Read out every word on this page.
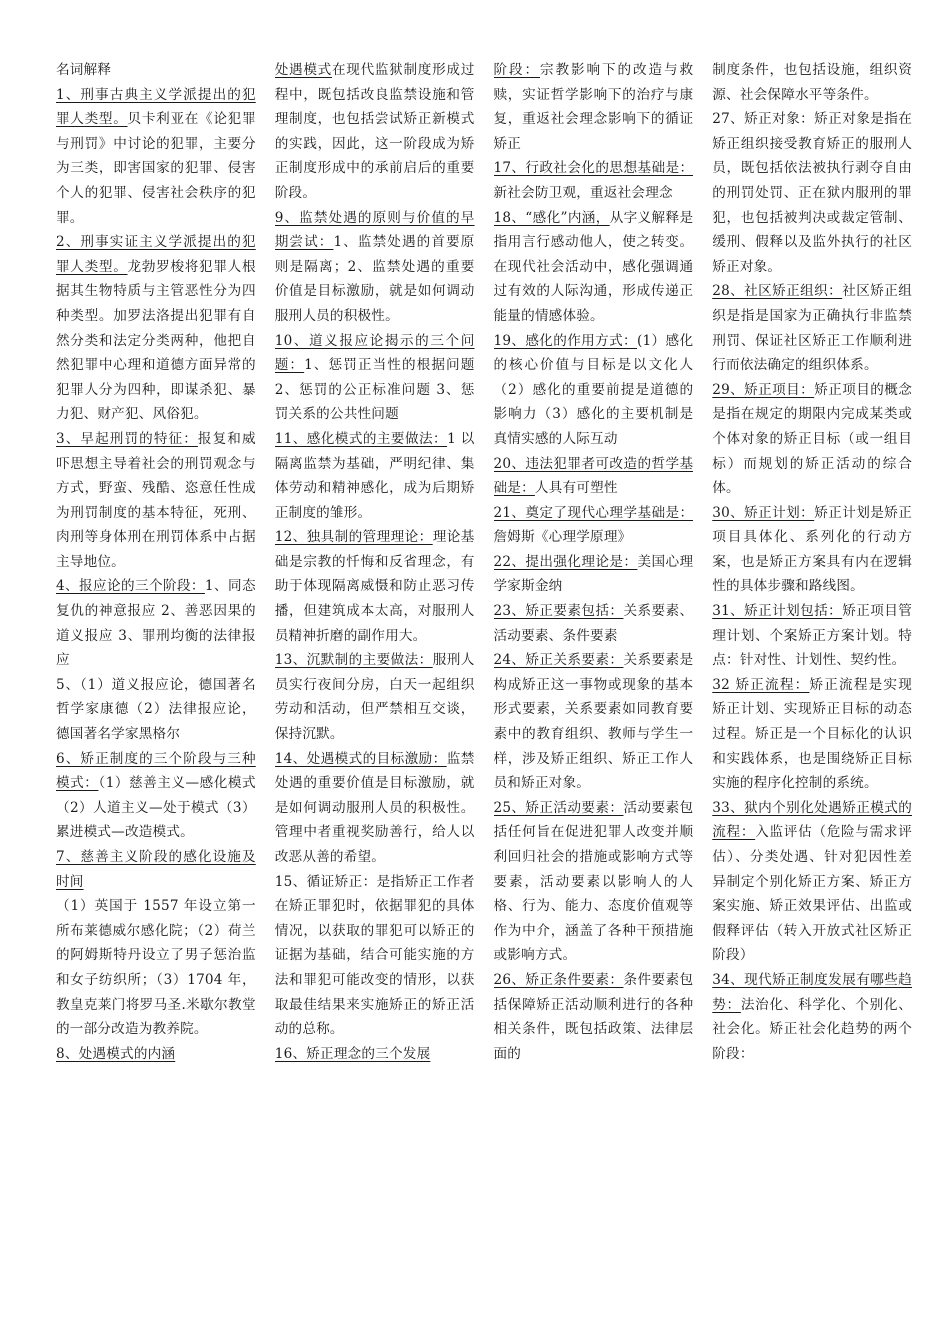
名词解释

1、刑事古典主义学派提出的犯罪人类型。贝卡利亚在《论犯罪与刑罚》中讨论的犯罪，主要分为三类，即害国家的犯罪、侵害个人的犯罪、侵害社会秩序的犯罪。

2、刑事实证主义学派提出的犯罪人类型。龙勃罗梭将犯罪人根据其生物特质与主管恶性分为四种类型。加罗法洛提出犯罪有自然分类和法定分类两种，他把自然犯罪中心理和道德方面异常的犯罪人分为四种，即谋杀犯、暴力犯、财产犯、风俗犯。

3、早起刑罚的特征：报复和威吓思想主导着社会的刑罚观念与方式，野蛮、残酷、恣意任性成为刑罚制度的基本特征，死刑、肉刑等身体刑在刑罚体系中占据主导地位。

4、报应论的三个阶段：1、同态复仇的神意报应 2、善恶因果的道义报应 3、罪刑均衡的法律报应

5、（1）道义报应论，德国著名哲学家康德（2）法律报应论，德国著名学家黑格尔

6、矫正制度的三个阶段与三种模式：（1）慈善主义—感化模式（2）人道主义—处于模式（3）累进模式—改造模式。

7、慈善主义阶段的感化设施及时间

（1）英国于 1557 年设立第一所布莱德威尔感化院；（2）荷兰的阿姆斯特丹设立了男子惩治监和女子纺织所；（3）1704 年，教皇克莱门将罗马圣.米歇尔教堂的一部分改造为教养院。

8、处遇模式的内涵

处遇模式在现代监狱制度形成过程中，既包括改良监禁设施和管理制度，也包括尝试矫正新模式的实践，因此，这一阶段成为矫正制度形成中的承前启后的重要阶段。

9、监禁处遇的原则与价值的早期尝试：1、监禁处遇的首要原则是隔离；2、监禁处遇的重要价值是目标激励，就是如何调动服刑人员的积极性。

10、道义报应论揭示的三个问题：1、惩罚正当性的根据问题 2、惩罚的公正标准问题 3、惩罚关系的公共性问题

11、感化模式的主要做法：1 以隔离监禁为基础，严明纪律、集体劳动和精神感化，成为后期矫正制度的雏形。

12、独具制的管理理论：理论基础是宗教的忏悔和反省理念，有助于体现隔离威慑和防止恶习传播，但建筑成本太高，对服刑人员精神折磨的副作用大。

13、沉默制的主要做法：服刑人员实行夜间分房，白天一起组织劳动和活动，但严禁相互交谈，保持沉默。

14、处遇模式的目标激励：监禁处遇的重要价值是目标激励，就是如何调动服刑人员的积极性。管理中者重视奖励善行，给人以改恶从善的希望。

15、循证矫正：是指矫正工作者在矫正罪犯时，依据罪犯的具体情况，以获取的罪犯可以矫正的证据为基础，结合可能实施的方法和罪犯可能改变的情形，以获取最佳结果来实施矫正的矫正活动的总称。

16、矫正理念的三个发展

阶段：宗教影响下的改造与救赎，实证哲学影响下的治疗与康复，重返社会理念影响下的循证矫正

17、行政社会化的思想基础是：新社会防卫观，重返社会理念

18、“感化”内涵，从字义解释是指用言行感动他人，使之转变。在现代社会活动中，感化强调通过有效的人际沟通，形成传递正能量的情感体验。

19、感化的作用方式：(1）感化的核心价值与目标是以文化人（2）感化的重要前提是道德的影响力（3）感化的主要机制是真情实感的人际互动

20、违法犯罪者可改造的哲学基础是：人具有可塑性

21、奠定了现代心理学基础是：詹姆斯《心理学原理》

22、提出强化理论是：美国心理学家斯金纳

23、矫正要素包括：关系要素、活动要素、条件要素

24、矫正关系要素：关系要素是构成矫正这一事物或现象的基本形式要素，关系要素如同教育要素中的教育组织、教师与学生一样，涉及矫正组织、矫正工作人员和矫正对象。

25、矫正活动要素：活动要素包括任何旨在促进犯罪人改变并顺利回归社会的措施或影响方式等要素，活动要素以影响人的人格、行为、能力、态度价值观等作为中介，涵盖了各种干预措施或影响方式。

26、矫正条件要素：条件要素包括保障矫正活动顺利进行的各种相关条件，既包括政策、法律层面的

制度条件，也包括设施，组织资源、社会保障水平等条件。

27、矫正对象：矫正对象是指在矫正组织接受教育矫正的服刑人员，既包括依法被执行剥夺自由的刑罚处罚、正在狱内服刑的罪犯，也包括被判决或裁定管制、缓刑、假释以及监外执行的社区矫正对象。

28、社区矫正组织：社区矫正组织是指是国家为正确执行非监禁刑罚、保证社区矫正工作顺利进行而依法确定的组织体系。

29、矫正项目：矫正项目的概念是指在规定的期限内完成某类或个体对象的矫正目标（或一组目标）而规划的矫正活动的综合体。

30、矫正计划：矫正计划是矫正项目具体化、系列化的行动方案，也是矫正方案具有内在逻辑性的具体步骤和路线图。

31、矫正计划包括：矫正项目管理计划、个案矫正方案计划。特点：针对性、计划性、契约性。

32 矫正流程：矫正流程是实现矫正计划、实现矫正目标的动态过程。矫正是一个目标化的认识和实践体系，也是围绕矫正目标实施的程序化控制的系统。

33、狱内个别化处遇矫正模式的流程：入监评估（危险与需求评估）、分类处遇、针对犯因性差异制定个别化矫正方案、矫正方案实施、矫正效果评估、出监或假释评估（转入开放式社区矫正阶段）

34、现代矫正制度发展有哪些趋势：法治化、科学化、个别化、社会化。矫正社会化趋势的两个阶段：
